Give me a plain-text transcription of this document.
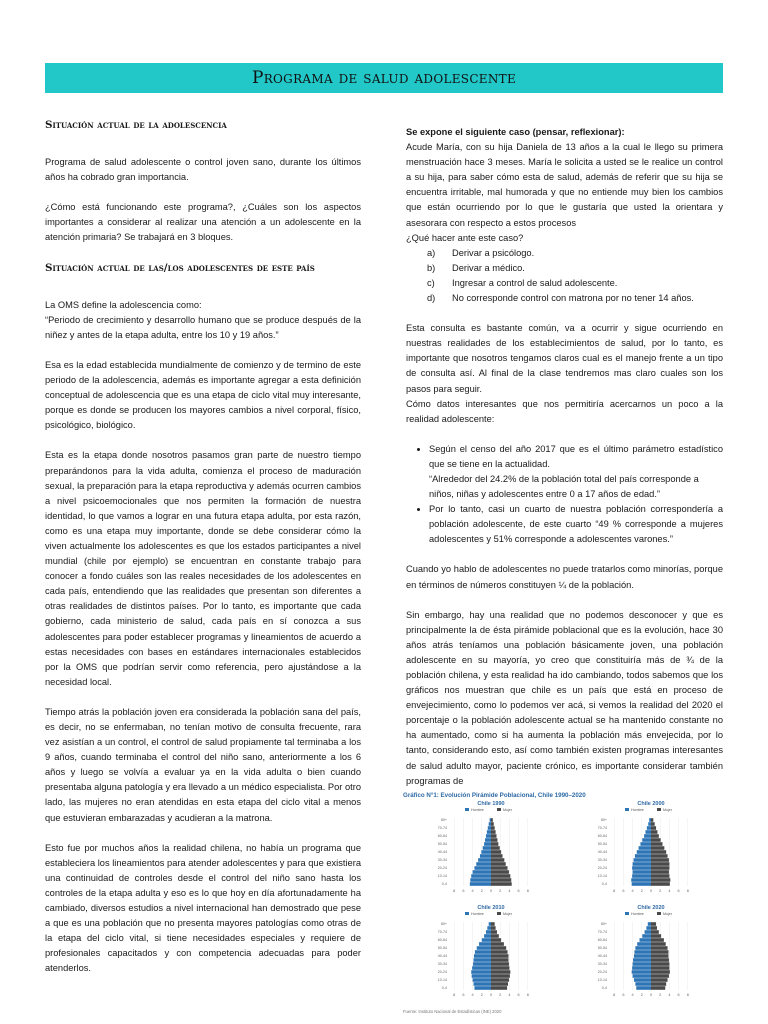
Programa de salud adolescente
Situación actual de la adolescencia

Programa de salud adolescente o control joven sano, durante los últimos años ha cobrado gran importancia.

¿Cómo está funcionando este programa?, ¿Cuáles son los aspectos importantes a considerar al realizar una atención a un adolescente en la atención primaria? Se trabajará en 3 bloques.

Situación actual de las/los adolescentes de este país
La OMS define la adolescencia como:
“Periodo de crecimiento y desarrollo humano que se produce después de la niñez y antes de la etapa adulta, entre los 10 y 19 años.”

Esa es la edad establecida mundialmente de comienzo y de termino de este periodo de la adolescencia, además es importante agregar a esta definición conceptual de adolescencia que es una etapa de ciclo vital muy interesante, porque es donde se producen los mayores cambios a nivel corporal, físico, psicológico, biológico.

Esta es la etapa donde nosotros pasamos gran parte de nuestro tiempo preparándonos para la vida adulta, comienza el proceso de maduración sexual, la preparación para la etapa reproductiva y además ocurren cambios a nivel psicoemocionales que nos permiten la formación de nuestra identidad, lo que vamos a lograr en una futura etapa adulta, por esta razón, como es una etapa muy importante, donde se debe considerar cómo la viven actualmente los adolescentes es que los estados participantes a nivel mundial (chile por ejemplo) se encuentran en constante trabajo para conocer a fondo cuáles son las reales necesidades de los adolescentes en cada país, entendiendo que las realidades que presentan son diferentes a otras realidades de distintos países. Por lo tanto, es importante que cada gobierno, cada ministerio de salud, cada país en sí conozca a sus adolescentes para poder establecer programas y lineamientos de acuerdo a estas necesidades con bases en estándares internacionales establecidos por la OMS que podrían servir como referencia, pero ajustándose a la necesidad local.

Tiempo atrás la población joven era considerada la población sana del país, es decir, no se enfermaban, no tenían motivo de consulta frecuente, rara vez asistían a un control, el control de salud propiamente tal terminaba a los 9 años, cuando terminaba el control del niño sano, anteriormente a los 6 años y luego se volvía a evaluar ya en la vida adulta o bien cuando presentaba alguna patología y era llevado a un médico especialista. Por otro lado, las mujeres no eran atendidas en esta etapa del ciclo vital a menos que estuvieran embarazadas y acudieran a la matrona.

Esto fue por muchos años la realidad chilena, no había un programa que estableciera los lineamientos para atender adolescentes y para que existiera una continuidad de controles desde el control del niño sano hasta los controles de la etapa adulta y eso es lo que hoy en día afortunadamente ha cambiado, diversos estudios a nivel internacional han demostrado que pese a que es una población que no presenta mayores patologías como otras de la etapa del ciclo vital, si tiene necesidades especiales y requiere de profesionales capacitados y con competencia adecuadas para poder atenderlos.

Se expone el siguiente caso (pensar, reflexionar):
Acude María, con su hija Daniela de 13 años a la cual le llego su primera menstruación hace 3 meses. María le solicita a usted se le realice un control a su hija, para saber cómo esta de salud, además de referir que su hija se encuentra irritable, mal humorada y que no entiende muy bien los cambios que están ocurriendo por lo que le gustaría que usted la orientara y asesorara con respecto a estos procesos
¿Qué hacer ante este caso?
a)	Derivar a psicólogo.
b)	Derivar a médico.
c)	Ingresar a control de salud adolescente.
d)	No corresponde control con matrona por no tener 14 años.

Esta consulta es bastante común, va a ocurrir y sigue ocurriendo en nuestras realidades de los establecimientos de salud, por lo tanto, es importante que nosotros tengamos claros cual es el manejo frente a un tipo de consulta así. Al final de la clase tendremos mas claro cuales son los pasos para seguir.

Cómo datos interesantes que nos permitiría acercarnos un poco a la realidad adolescente:

• Según el censo del año 2017 que es el último parámetro estadístico que se tiene en la actualidad.
“Alrededor del 24.2% de la población total del país corresponde a niños, niñas y adolescentes entre 0 a 17 años de edad.”
• Por lo tanto, casi un cuarto de nuestra población correspondería a población adolescente, de este cuarto “49 % corresponde a mujeres adolescentes y 51% corresponde a adolescentes varones.”

Cuando yo hablo de adolescentes no puede tratarlos como minorías, porque en términos de números constituyen ¼ de la población.

Sin embargo, hay una realidad que no podemos desconocer y que es principalmente la de ésta pirámide poblacional que es la evolución, hace 30 años atrás teníamos una población básicamente joven, una población adolescente en su mayoría, yo creo que constituiría más de ¾ de la población chilena, y esta realidad ha ido cambiando, todos sabemos que los gráficos nos muestran que chile es un país que está en proceso de envejecimiento, como lo podemos ver acá, si vemos la realidad del 2020 el porcentaje o la población adolescente actual se ha mantenido constante no ha aumentado, como si ha aumenta la población más envejecida, por lo tanto, considerando esto, así como también existen programas interesantes de salud adulto mayor, paciente crónico, es importante considerar también programas de

Gráfico N°1: Evolución Pirámide Poblacional, Chile 1990–2020
Chile 1990
Hombre	Mujer
80+
70-74
60-64
50-54
40-44
30-34
20-24
10-14
0-4
8 6 4 2 0 2 4 6 8
Chile 2000
Hombre	Mujer
80+
70-74
60-64
50-54
40-44
30-34
20-24
10-14
0-4
8 6 4 2 0 2 4 6 8
Chile 2010
Hombre	Mujer
80+
70-74
60-64
50-54
40-44
30-34
20-24
10-14
0-4
8 6 4 2 0 2 4 6 8
Chile 2020
Hombre	Mujer
80+
70-74
60-64
50-54
40-44
30-34
20-24
10-14
0-4
8 6 4 2 0 2 4 6 8
Fuente: Instituto Nacional de Estadísticas (INE) 2020
